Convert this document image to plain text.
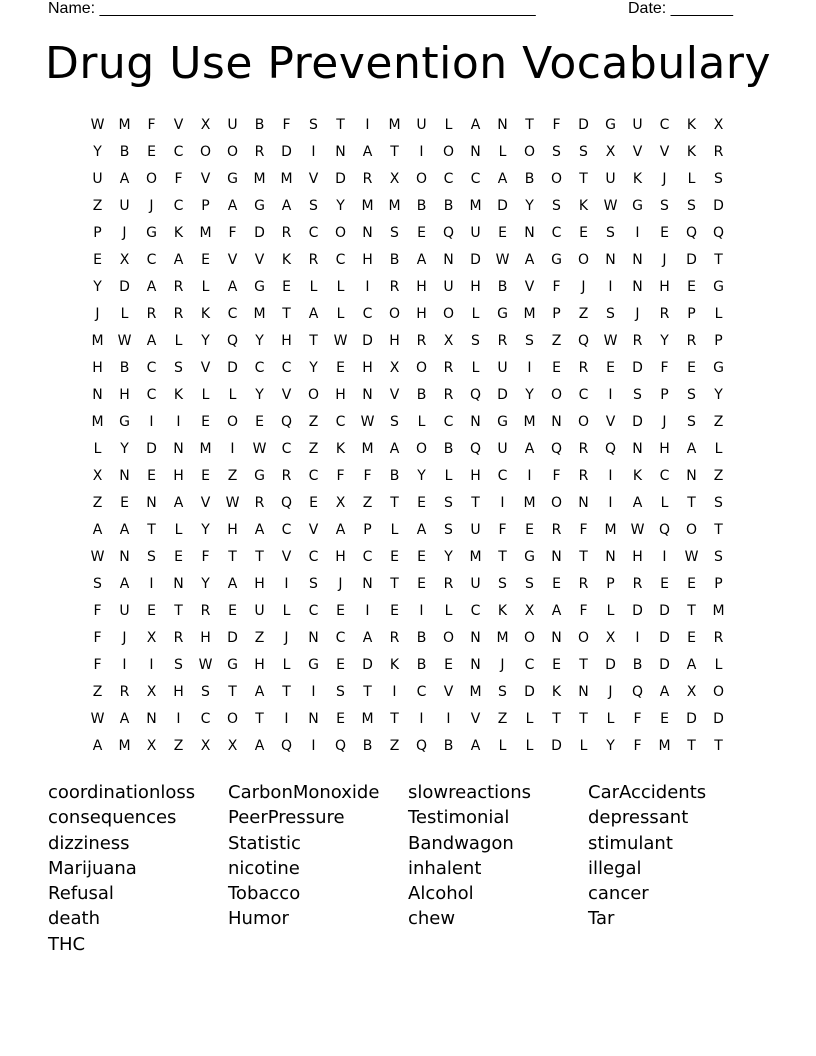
Name: _________________________________________________	Date: _______
Drug Use Prevention Vocabulary
W	M	F	V	X	U	B	F	S	T	I	M	U	L	A	N	T	F	D	G	U	C	K	X
Y	B	E	C	O	O	R	D	I	N	A	T	I	O	N	L	O	S	S	X	V	V	K	R
U	A	O	F	V	G	M	M	V	D	R	X	O	C	C	A	B	O	T	U	K	J	L	S
Z	U	J	C	P	A	G	A	S	Y	M	M	B	B	M	D	Y	S	K	W	G	S	S	D
P	J	G	K	M	F	D	R	C	O	N	S	E	Q	U	E	N	C	E	S	I	E	Q	Q
E	X	C	A	E	V	V	K	R	C	H	B	A	N	D	W	A	G	O	N	N	J	D	T
Y	D	A	R	L	A	G	E	L	L	I	R	H	U	H	B	V	F	J	I	N	H	E	G
J	L	R	R	K	C	M	T	A	L	C	O	H	O	L	G	M	P	Z	S	J	R	P	L
M	W	A	L	Y	Q	Y	H	T	W	D	H	R	X	S	R	S	Z	Q	W	R	Y	R	P
H	B	C	S	V	D	C	C	Y	E	H	X	O	R	L	U	I	E	R	E	D	F	E	G
N	H	C	K	L	L	Y	V	O	H	N	V	B	R	Q	D	Y	O	C	I	S	P	S	Y
M	G	I	I	E	O	E	Q	Z	C	W	S	L	C	N	G	M	N	O	V	D	J	S	Z
L	Y	D	N	M	I	W	C	Z	K	M	A	O	B	Q	U	A	Q	R	Q	N	H	A	L
X	N	E	H	E	Z	G	R	C	F	F	B	Y	L	H	C	I	F	R	I	K	C	N	Z
Z	E	N	A	V	W	R	Q	E	X	Z	T	E	S	T	I	M	O	N	I	A	L	T	S
A	A	T	L	Y	H	A	C	V	A	P	L	A	S	U	F	E	R	F	M	W	Q	O	T
W	N	S	E	F	T	T	V	C	H	C	E	E	Y	M	T	G	N	T	N	H	I	W	S
S	A	I	N	Y	A	H	I	S	J	N	T	E	R	U	S	S	E	R	P	R	E	E	P
F	U	E	T	R	E	U	L	C	E	I	E	I	L	C	K	X	A	F	L	D	D	T	M
F	J	X	R	H	D	Z	J	N	C	A	R	B	O	N	M	O	N	O	X	I	D	E	R
F	I	I	S	W	G	H	L	G	E	D	K	B	E	N	J	C	E	T	D	B	D	A	L
Z	R	X	H	S	T	A	T	I	S	T	I	C	V	M	S	D	K	N	J	Q	A	X	O
W	A	N	I	C	O	T	I	N	E	M	T	I	I	V	Z	L	T	T	L	F	E	D	D
A	M	X	Z	X	X	A	Q	I	Q	B	Z	Q	B	A	L	L	D	L	Y	F	M	T	T
coordinationloss	CarbonMonoxide	slowreactions	CarAccidents
consequences	PeerPressure	Testimonial	depressant
dizziness	Statistic	Bandwagon	stimulant
Marijuana	nicotine	inhalent	illegal
Refusal	Tobacco	Alcohol	cancer
death	Humor	chew	Tar
THC
